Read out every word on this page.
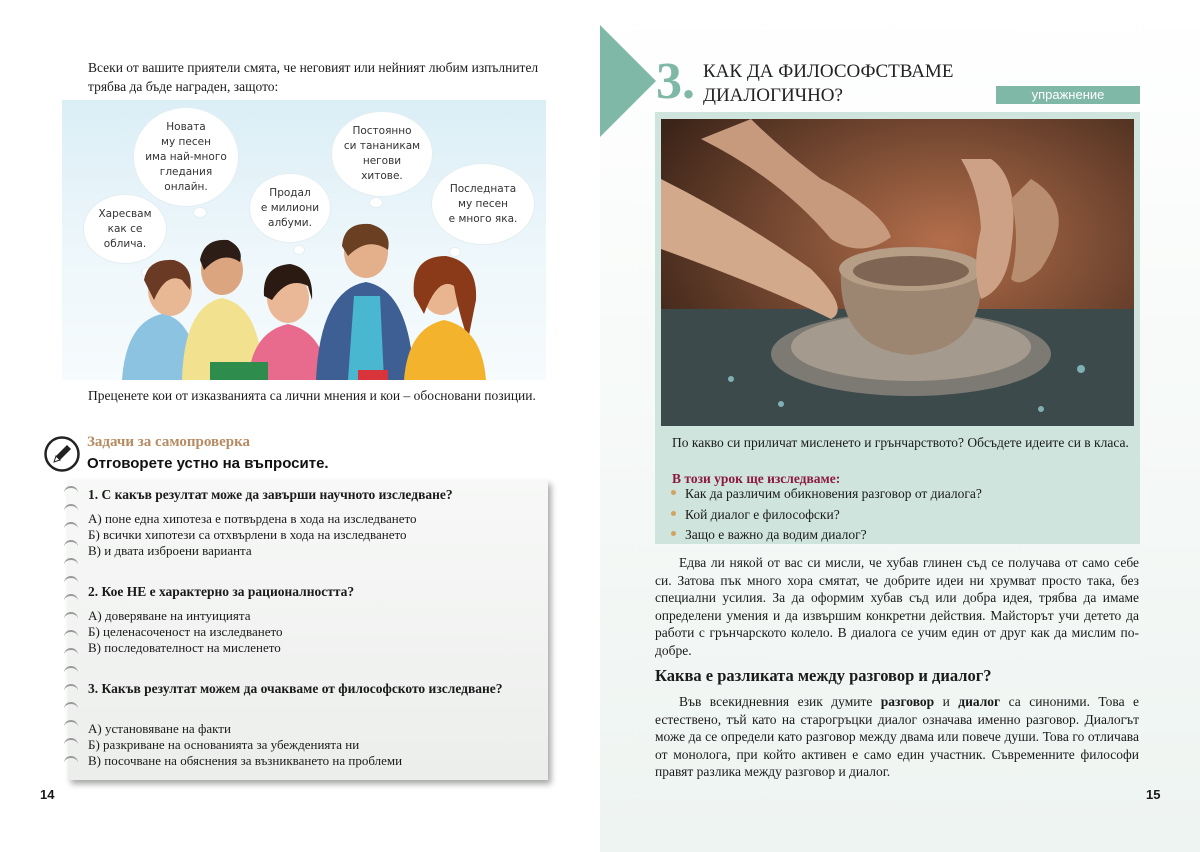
Всеки от вашите приятели смята, че неговият или нейният любим изпълнител трябва да бъде награден, защото:

Харесвам
как се
облича.
Новата
му песен
има най-много
гледания
онлайн.	Продал
е милиони
албуми.
Постоянно
си тананикам
негови
хитове.
Последната
му песен
е много яка.

Преценете кои от изказванията са лични мнения и кои – обосновани позиции.

Задачи за самопроверка
Отговорете устно на въпросите.
1. С какъв резултат може да завърши научното изследване?
А) поне една хипотеза е потвърдена в хода на изследването
Б) всички хипотези са отхвърлени в хода на изследването
В) и двата изброени варианта
2. Кое НЕ е характерно за рационалността?
А) доверяване на интуицията
Б) целенасоченост на изследването
В) последователност на мисленето
3. Какъв резултат можем да очакваме от философското изследване?
А) установяване на факти
Б) разкриване на основанията за убежденията ни
В) посочване на обяснения за възникването на проблеми
14
3. КАК ДА ФИЛОСОФСТВАМЕ
ДИАЛОГИЧНО?	упражнение

По какво си приличат мисленето и грънчарството? Обсъдете идеите си в класа.

В този урок ще изследваме:
Как да различим обикновения разговор от диалога?
Кой диалог е философски?
Защо е важно да водим диалог?

Едва ли някой от вас си мисли, че хубав глинен съд се получава от само себе си. Затова пък много хора смятат, че добрите идеи ни хрумват просто така, без специални усилия. За да оформим хубав съд или добра идея, трябва да имаме определени умения и да извършим конкретни действия. Майсторът учи детето да работи с грънчарското колело. В диалога се учим един от друг как да мислим по-добре.

Каква е разликата между разговор и диалог?

Във всекидневния език думите разговор и диалог са синоними. Това е естествено, тъй като на старогръцки диалог означава именно разговор. Диалогът може да се определи като разговор между двама или повече души. Това го отличава от монолога, при който активен е само един участник. Съвременните философи правят разлика между разговор и диалог.

15
